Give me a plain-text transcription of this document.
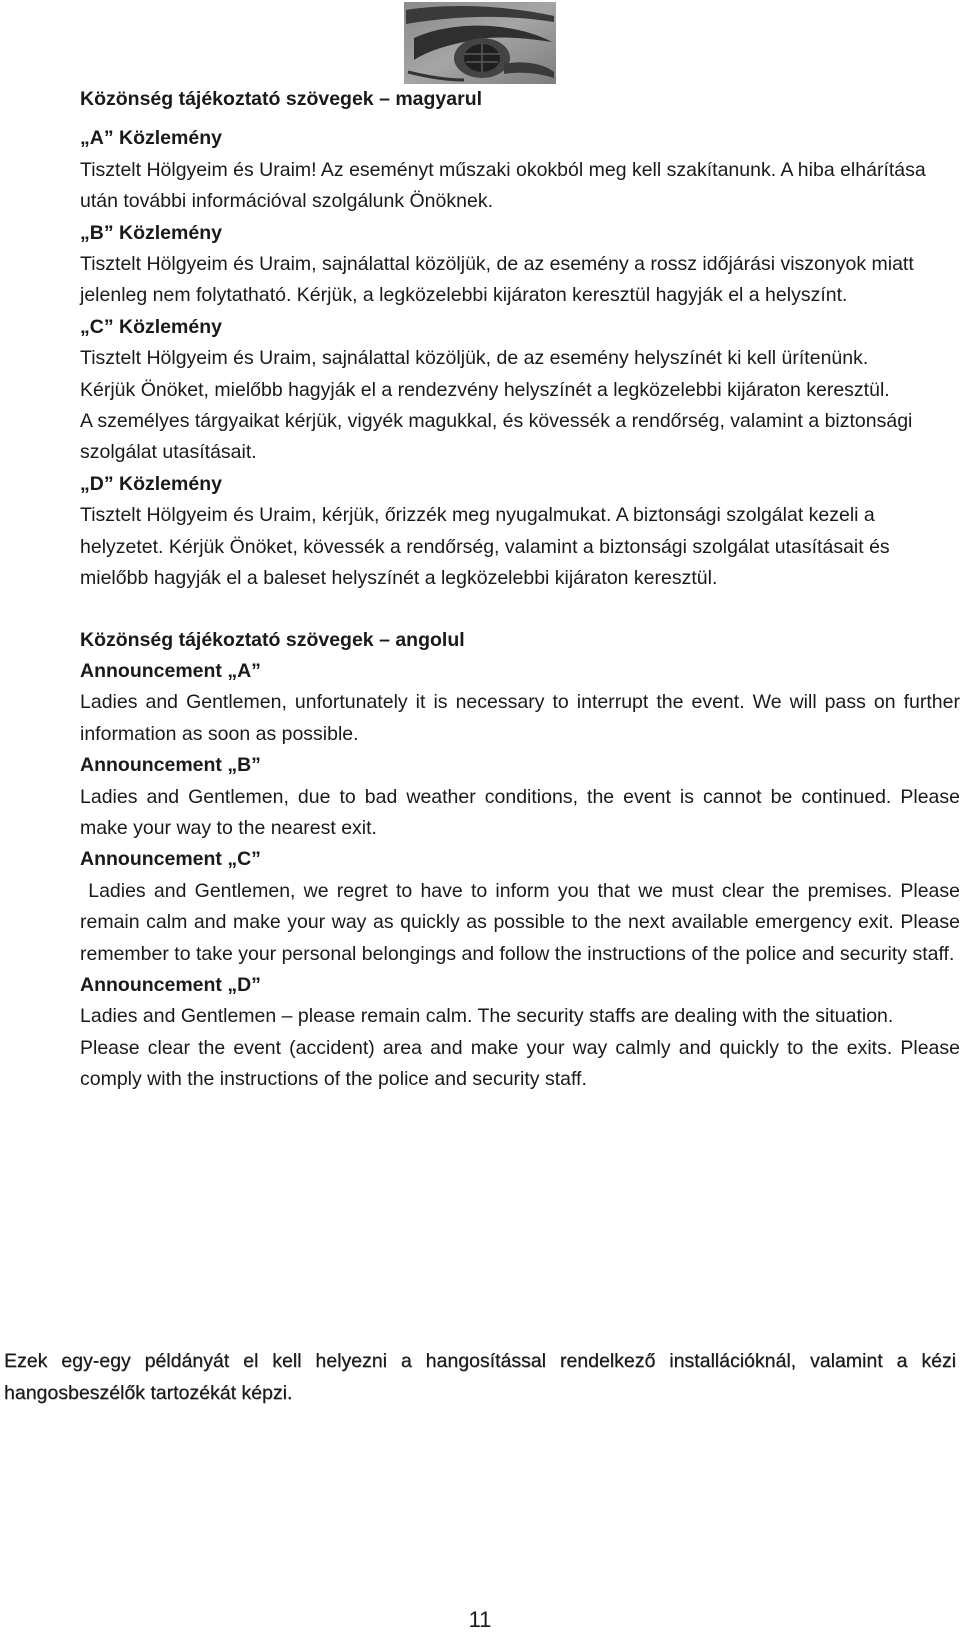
Közönség tájékoztató szövegek – magyarul

„A” Közlemény

Tisztelt Hölgyeim és Uraim! Az eseményt műszaki okokból meg kell szakítanunk. A hiba elhárítása után további információval szolgálunk Önöknek.

„B” Közlemény

Tisztelt Hölgyeim és Uraim, sajnálattal közöljük, de az esemény a rossz időjárási viszonyok miatt jelenleg nem folytatható. Kérjük, a legközelebbi kijáraton keresztül hagyják el a helyszínt.

„C” Közlemény

Tisztelt Hölgyeim és Uraim, sajnálattal közöljük, de az esemény helyszínét ki kell ürítenünk.

Kérjük Önöket, mielőbb hagyják el a rendezvény helyszínét a legközelebbi kijáraton keresztül.

A személyes tárgyaikat kérjük, vigyék magukkal, és kövessék a rendőrség, valamint a biztonsági szolgálat utasításait.

„D” Közlemény

Tisztelt Hölgyeim és Uraim, kérjük, őrizzék meg nyugalmukat. A biztonsági szolgálat kezeli a helyzetet. Kérjük Önöket, kövessék a rendőrség, valamint a biztonsági szolgálat utasításait és mielőbb hagyják el a baleset helyszínét a legközelebbi kijáraton keresztül.

Közönség tájékoztató szövegek – angolul

Announcement „A”

Ladies and Gentlemen, unfortunately it is necessary to interrupt the event. We will pass on further information as soon as possible.

Announcement „B”

Ladies and Gentlemen, due to bad weather conditions, the event is cannot be continued. Please make your way to the nearest exit.

Announcement „C”

Ladies and Gentlemen, we regret to have to inform you that we must clear the premises. Please remain calm and make your way as quickly as possible to the next available emergency exit. Please remember to take your personal belongings and follow the instructions of the police and security staff.

Announcement „D”

Ladies and Gentlemen – please remain calm. The security staffs are dealing with the situation.

Please clear the event (accident) area and make your way calmly and quickly to the exits. Please comply with the instructions of the police and security staff.

Ezek egy-egy példányát el kell helyezni a hangosítással rendelkező installációknál, valamint a kézi hangosbeszélők tartozékát képzi.

11
